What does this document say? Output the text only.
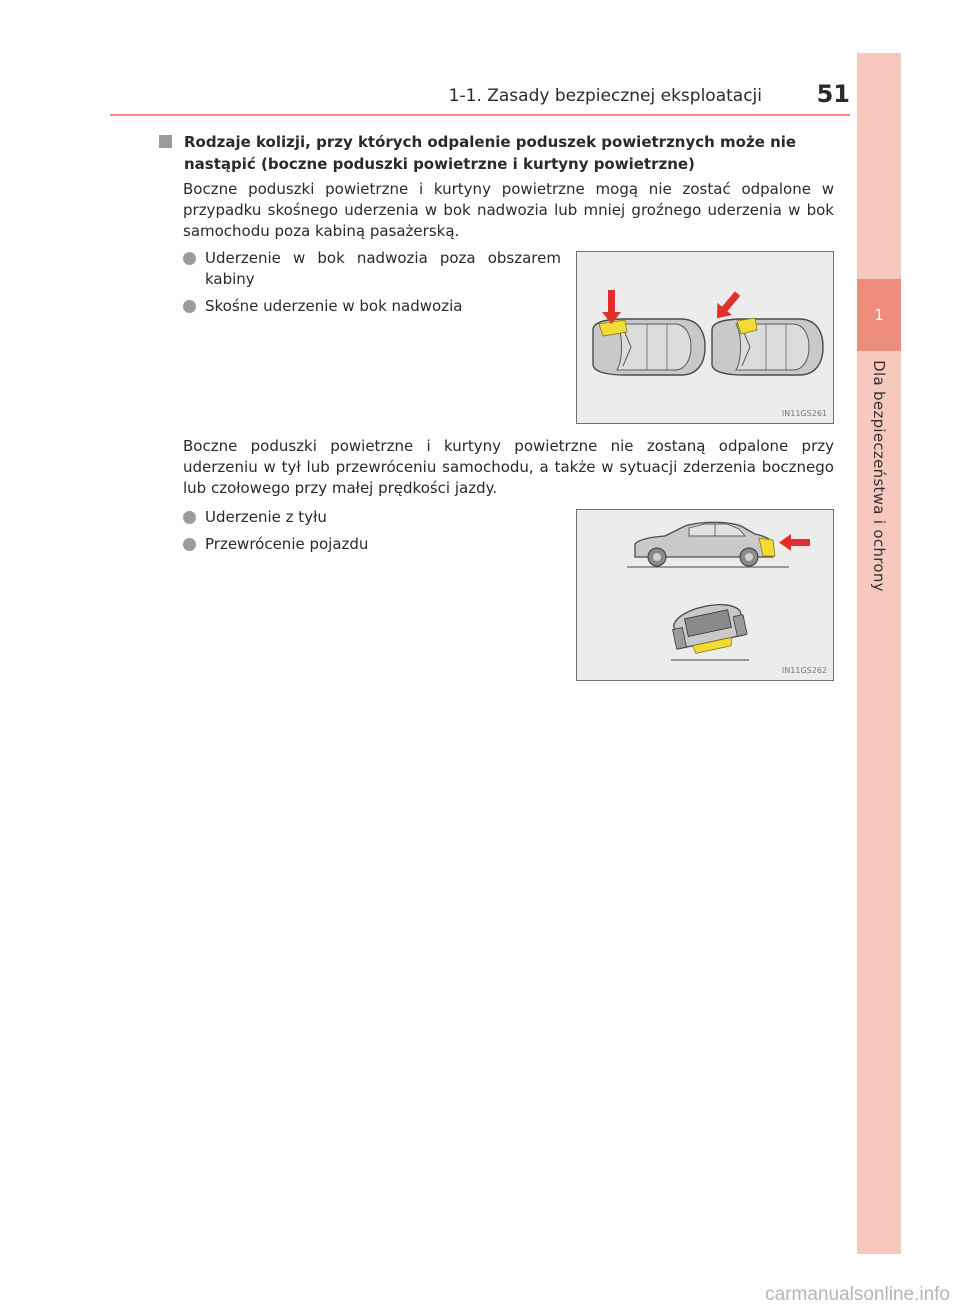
1
Dla bezpieczeństwa i ochrony
1-1. Zasady bezpiecznej eksploatacji	51
Rodzaje kolizji, przy których odpalenie poduszek powietrznych może nie nastąpić (boczne poduszki powietrzne i kurtyny powietrzne)
Boczne poduszki powietrzne i kurtyny powietrzne mogą nie zostać odpalone w przypadku skośnego uderzenia w bok nadwozia lub mniej groźnego uderzenia w bok samochodu poza kabiną pasażerską.
Uderzenie w bok nadwozia poza obszarem kabiny
Skośne uderzenie w bok nadwozia
IN11GS261
Boczne poduszki powietrzne i kurtyny powietrzne nie zostaną odpalone przy uderzeniu w tył lub przewróceniu samochodu, a także w sytuacji zderzenia bocznego lub czołowego przy małej prędkości jazdy.
Uderzenie z tyłu
Przewrócenie pojazdu
IN11GS262
carmanualsonline.info
